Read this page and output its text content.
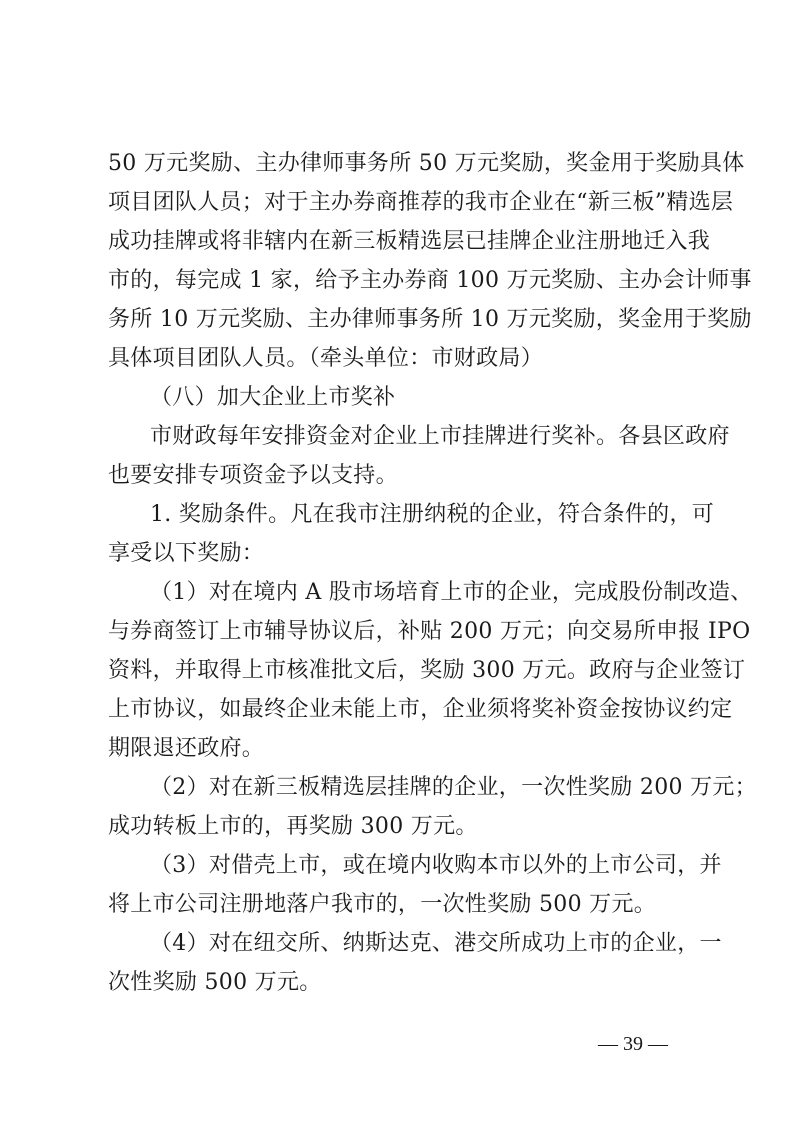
50 万元奖励、主办律师事务所 50 万元奖励，奖金用于奖励具体
项目团队人员；对于主办券商推荐的我市企业在“新三板”精选层
成功挂牌或将非辖内在新三板精选层已挂牌企业注册地迁入我
市的，每完成 1 家，给予主办券商 100 万元奖励、主办会计师事
务所 10 万元奖励、主办律师事务所 10 万元奖励，奖金用于奖励
具体项目团队人员。（牵头单位：市财政局）
（八）加大企业上市奖补
市财政每年安排资金对企业上市挂牌进行奖补。各县区政府
也要安排专项资金予以支持。
1. 奖励条件。凡在我市注册纳税的企业，符合条件的，可
享受以下奖励：
（1）对在境内 A 股市场培育上市的企业，完成股份制改造、
与券商签订上市辅导协议后，补贴 200 万元；向交易所申报 IPO
资料，并取得上市核准批文后，奖励 300 万元。政府与企业签订
上市协议，如最终企业未能上市，企业须将奖补资金按协议约定
期限退还政府。
（2）对在新三板精选层挂牌的企业，一次性奖励 200 万元；
成功转板上市的，再奖励 300 万元。
（3）对借壳上市，或在境内收购本市以外的上市公司，并
将上市公司注册地落户我市的，一次性奖励 500 万元。
（4）对在纽交所、纳斯达克、港交所成功上市的企业，一
次性奖励 500 万元。
— 39 —
